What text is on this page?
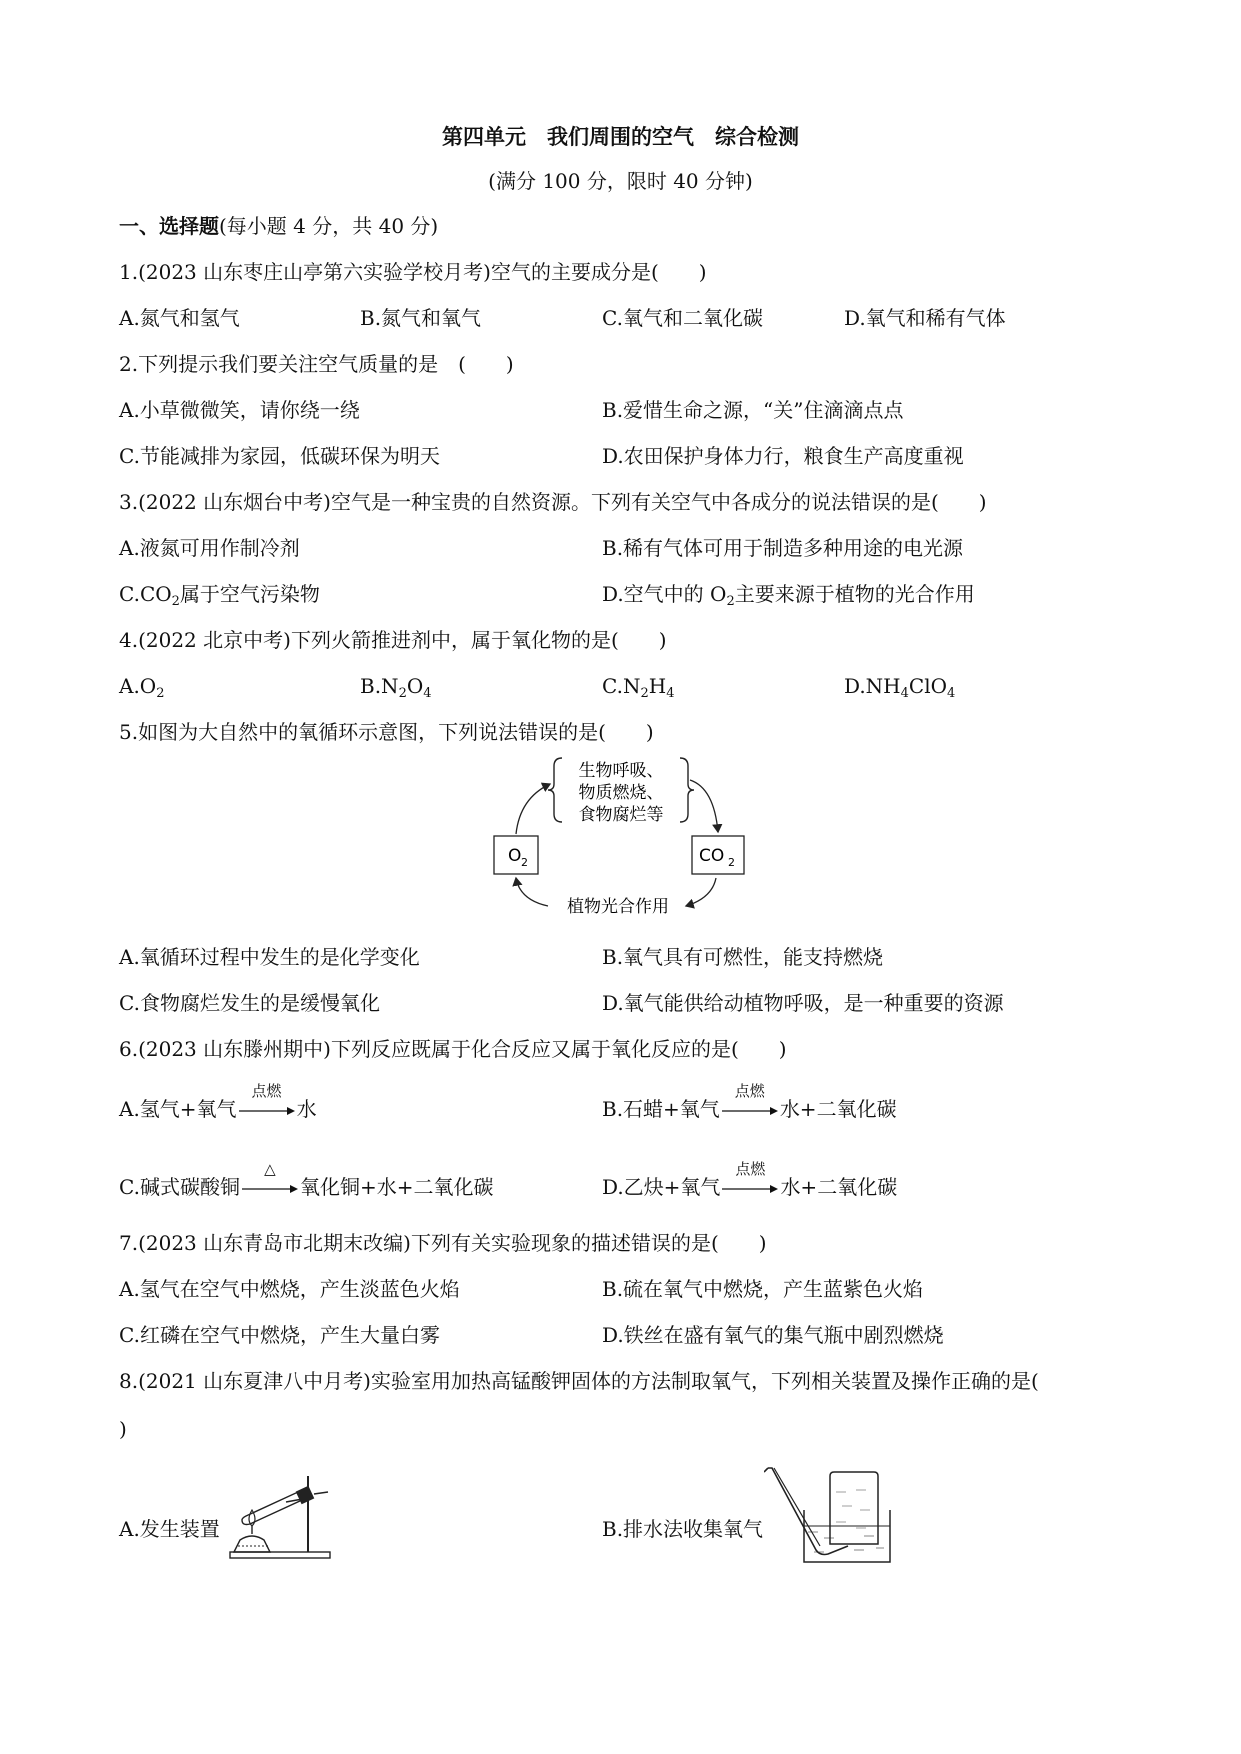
第四单元　我们周围的空气　综合检测
(满分 100 分，限时 40 分钟)
一、选择题(每小题 4 分，共 40 分)
1.(2023 山东枣庄山亭第六实验学校月考)空气的主要成分是(　　)
A.氮气和氢气	B.氮气和氧气	C.氧气和二氧化碳	D.氧气和稀有气体
2.下列提示我们要关注空气质量的是　(　　)
A.小草微微笑，请你绕一绕	B.爱惜生命之源，“关”住滴滴点点
C.节能减排为家园，低碳环保为明天	D.农田保护身体力行，粮食生产高度重视
3.(2022 山东烟台中考)空气是一种宝贵的自然资源。下列有关空气中各成分的说法错误的是(　　)
A.液氮可用作制冷剂	B.稀有气体可用于制造多种用途的电光源
$C.CO_2$属于空气污染物	D.空气中的 $O_2$主要来源于植物的光合作用
4.(2022 北京中考)下列火箭推进剂中，属于氧化物的是(　　)
$A.O_2$	$B.N_2O_4$	$C.N_2H_4$	$D.NH_4ClO_4$
5.如图为大自然中的氧循环示意图，下列说法错误的是(　　)
生物呼吸、
物质燃烧、
食物腐烂等
O 2	CO 2
植物光合作用
A.氧循环过程中发生的是化学变化	B.氧气具有可燃性，能支持燃烧
C.食物腐烂发生的是缓慢氧化	D.氧气能供给动植物呼吸，是一种重要的资源
6.(2023 山东滕州期中)下列反应既属于化合反应又属于氧化反应的是(　　)
A.氢气+氧气
点燃
水	B.石蜡+氧气
点燃
水+二氧化碳
C.碱式碳酸铜
△
氧化铜+水+二氧化碳	D.乙炔+氧气
点燃
水+二氧化碳
7.(2023 山东青岛市北期末改编)下列有关实验现象的描述错误的是(　　)
A.氢气在空气中燃烧，产生淡蓝色火焰	B.硫在氧气中燃烧，产生蓝紫色火焰
C.红磷在空气中燃烧，产生大量白雾	D.铁丝在盛有氧气的集气瓶中剧烈燃烧
8.(2021 山东夏津八中月考)实验室用加热高锰酸钾固体的方法制取氧气，下列相关装置及操作正确的是(
)
A.发生装置	B.排水法收集氧气
